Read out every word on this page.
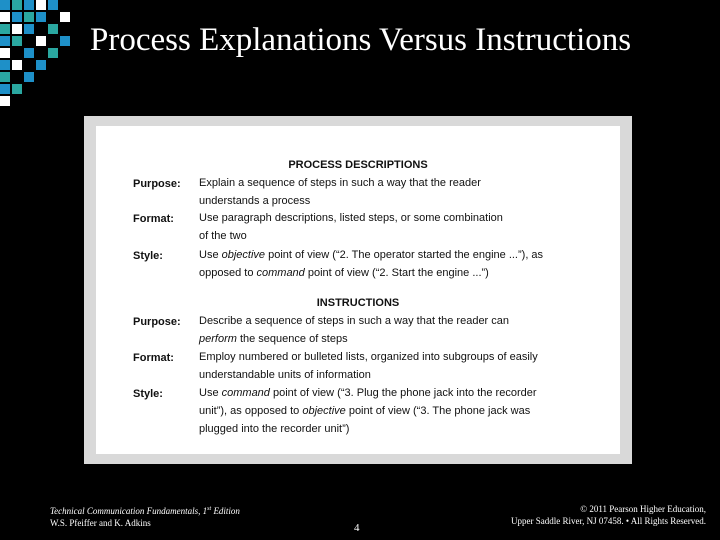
Process Explanations Versus Instructions
PROCESS DESCRIPTIONS
Purpose: Explain a sequence of steps in such a way that the reader
understands a process
Format: Use paragraph descriptions, listed steps, or some combination
of the two
Style:	Use objective point of view (“2. The operator started the engine ...”), as
opposed to command point of view (“2. Start the engine ...”)
INSTRUCTIONS
Purpose: Describe a sequence of steps in such a way that the reader can
perform the sequence of steps
Format: Employ numbered or bulleted lists, organized into subgroups of easily
understandable units of information
Style:	Use command point of view (“3. Plug the phone jack into the recorder
unit”), as opposed to objective point of view (“3. The phone jack was
plugged into the recorder unit”)
Technical Communication Fundamentals, 1st Edition
W.S. Pfeiffer and K. Adkins	4
© 2011 Pearson Higher Education,
Upper Saddle River, NJ 07458. • All Rights Reserved.
